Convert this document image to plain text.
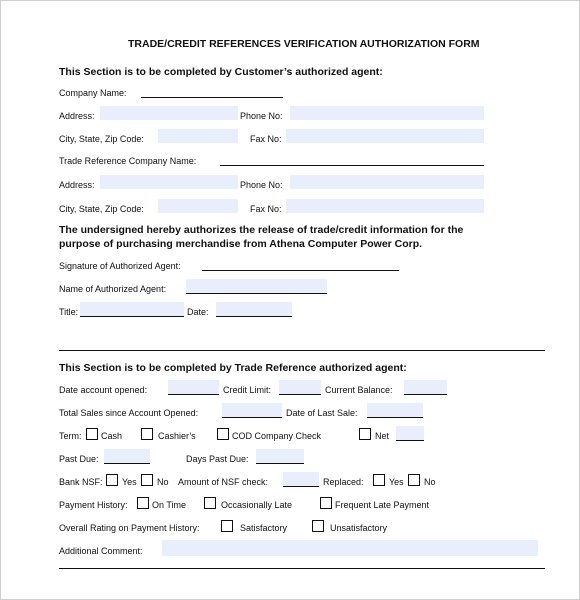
TRADE/CREDIT REFERENCES VERIFICATION AUTHORIZATION FORM
This Section is to be completed by Customer’s authorized agent:
Company Name:
Address:	Phone No:
City, State, Zip Code:	Fax No:
Trade Reference Company Name:
Address:	Phone No:
City, State, Zip Code:	Fax No:
The undersigned hereby authorizes the release of trade/credit information for the
purpose of purchasing merchandise from Athena Computer Power Corp.
Signature of Authorized Agent:
Name of Authorized Agent:
Title:	Date:
This Section is to be completed by Trade Reference authorized agent:
Date account opened:	Credit Limit:	Current Balance:
Total Sales since Account Opened:	Date of Last Sale:
Term: Cash	Cashier’s	COD Company Check	Net
Past Due:	Days Past Due:
Bank NSF: Yes No Amount of NSF check:	Replaced:	Yes No
Payment History:	On Time	Occasionally Late	Frequent Late Payment
Overall Rating on Payment History:	Satisfactory	Unsatisfactory
Additional Comment:
